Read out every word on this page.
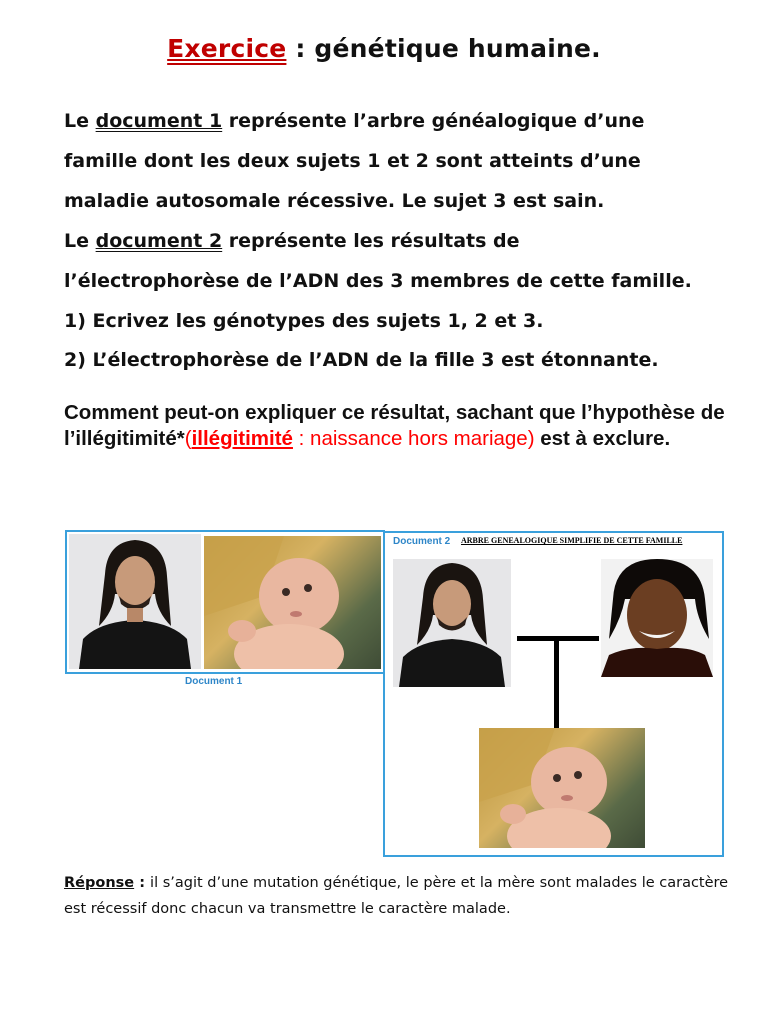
Exercice : génétique humaine.
Le document 1 représente l’arbre généalogique d’une
famille dont les deux sujets 1 et 2 sont atteints d’une
maladie autosomale récessive. Le sujet 3 est sain.
Le document 2 représente les résultats de
l’électrophorèse de l’ADN des 3 membres de cette famille.
1) Ecrivez les génotypes des sujets 1, 2 et 3.
2) L’électrophorèse de l’ADN de la fille 3 est étonnante.
Comment peut-on expliquer ce résultat, sachant que l’hypothèse de l’illégitimité*(illégitimité : naissance hors mariage) est à exclure.
Document 1
Document 2 ARBRE GENEALOGIQUE SIMPLIFIE DE CETTE FAMILLE
Réponse : il s’agit d’une mutation génétique, le père et la mère sont malades le caractère est récessif donc chacun va transmettre le caractère malade.
